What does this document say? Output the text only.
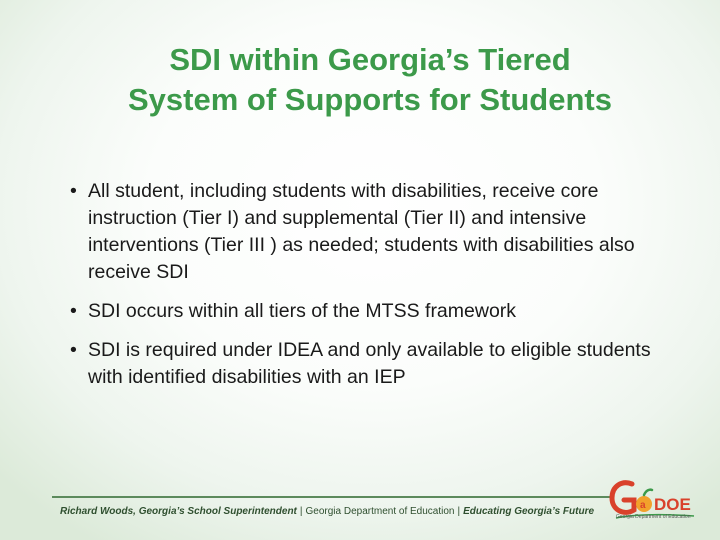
SDI within Georgia’s Tiered
System of Supports for Students
• All student, including students with disabilities, receive core instruction (Tier I) and supplemental (Tier II) and intensive interventions (Tier III ) as needed; students with disabilities also receive SDI
• SDI occurs within all tiers of the MTSS framework
• SDI is required under IDEA and only available to eligible students with identified disabilities with an IEP
Richard Woods, Georgia’s School Superintendent | Georgia Department of Education | Educating Georgia’s Future
a DOE
Georgia Department of Education
